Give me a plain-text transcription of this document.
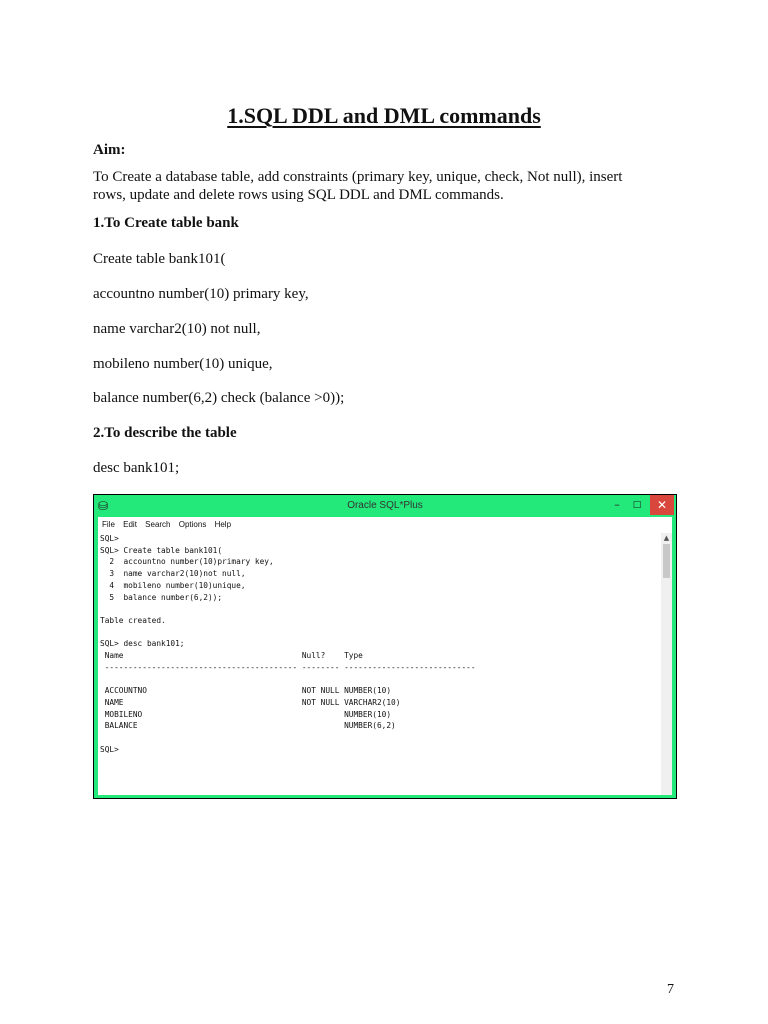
1.SQL DDL and DML commands
Aim:
To Create a database table, add constraints (primary key, unique, check, Not null), insert rows, update and delete rows using SQL DDL and DML commands.
1.To Create table bank
Create table bank101(
accountno number(10) primary key,
name varchar2(10) not null,
mobileno number(10) unique,
balance number(6,2) check (balance >0));
2.To describe the table
desc bank101;
⛁	Oracle SQL*Plus	–	□	✕
File Edit Search Options Help
SQL>
SQL> Create table bank101(
2  accountno number(10)primary key,
3  name varchar2(10)not null,
4  mobileno number(10)unique,
5  balance number(6,2));

Table created.

SQL> desc bank101;
Name                                      Null?    Type
----------------------------------------- -------- ----------------------------

ACCOUNTNO                                 NOT NULL NUMBER(10)
NAME                                      NOT NULL VARCHAR2(10)
MOBILENO                                           NUMBER(10)
BALANCE                                            NUMBER(6,2)

SQL>
▲
7
